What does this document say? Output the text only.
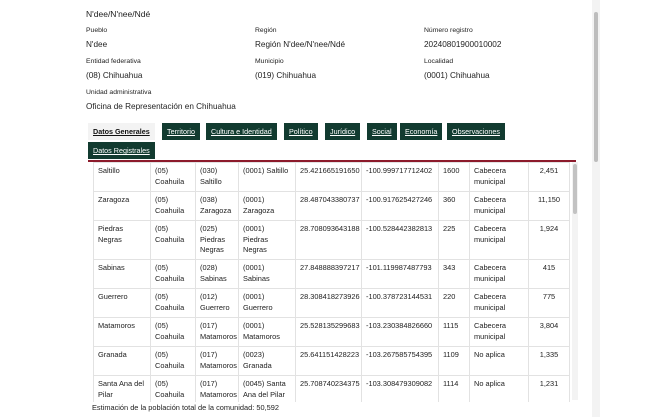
N'dee/N'nee/Ndé
Pueblo
N'dee
Región
Región N'dee/N'nee/Ndé
Número registro
20240801900010002
Entidad federativa
(08) Chihuahua
Municipio
(019) Chihuahua
Localidad
(0001) Chihuahua
Unidad administrativa
Oficina de Representación en Chihuahua
Datos Generales	Territorio	Cultura e Identidad	Político	Jurídico	Social	Economía	Observaciones
Datos Registrales
Saltillo	(05) Coahuila	(030) Saltillo	(0001) Saltillo	25.421665191650	-100.999717712402	1600	Cabecera municipal	2,451
Zaragoza	(05) Coahuila	(038) Zaragoza	(0001) Zaragoza	28.487043380737	-100.917625427246	360	Cabecera municipal	11,150
Piedras Negras	(05) Coahuila	(025) Piedras Negras	(0001) Piedras Negras	28.708093643188	-100.528442382813	225	Cabecera municipal	1,924
Sabinas	(05) Coahuila	(028) Sabinas	(0001) Sabinas	27.848888397217	-101.119987487793	343	Cabecera municipal	415
Guerrero	(05) Coahuila	(012) Guerrero	(0001) Guerrero	28.308418273926	-100.378723144531	220	Cabecera municipal	775
Matamoros	(05) Coahuila	(017) Matamoros	(0001) Matamoros	25.528135299683	-103.230384826660	1115	Cabecera municipal	3,804
Granada	(05) Coahuila	(017) Matamoros	(0023) Granada	25.641151428223	-103.267585754395	1109	No aplica	1,335
Santa Ana del Pilar	(05) Coahuila	(017) Matamoros	(0045) Santa Ana del Pilar	25.708740234375	-103.308479309082	1114	No aplica	1,231
Estimación de la población total de la comunidad: 50,592
